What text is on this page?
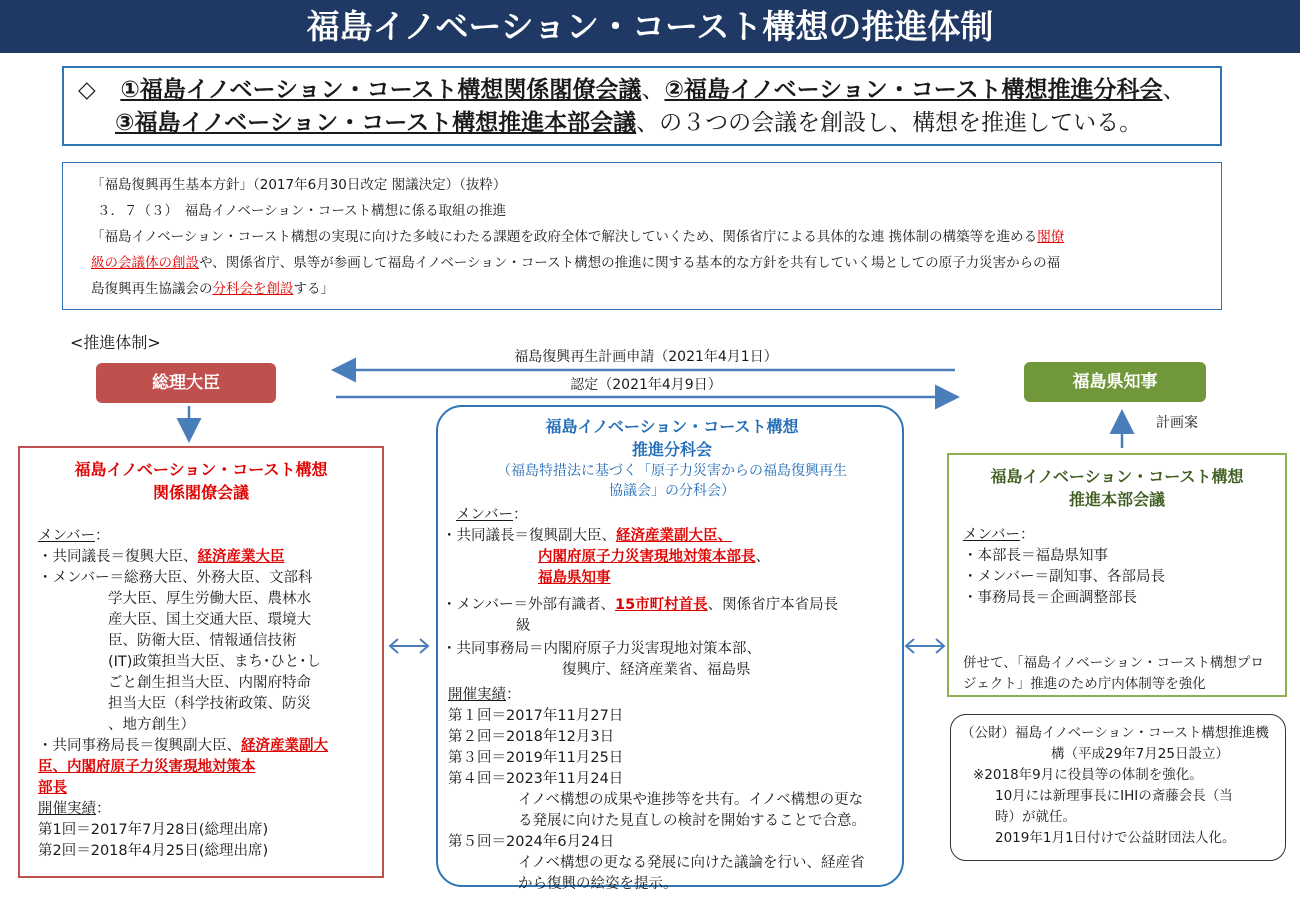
福島イノベーション・コースト構想の推進体制
◇ ①福島イノベーション・コースト構想関係閣僚会議、②福島イノベーション・コースト構想推進分科会、
③福島イノベーション・コースト構想推進本部会議、の３つの会議を創設し、構想を推進している。
「福島復興再生基本方針」（2017年6月30日改定 閣議決定）（抜粋）
３．７（３）　福島イノベーション・コースト構想に係る取組の推進
「福島イノベーション・コースト構想の実現に向けた多岐にわたる課題を政府全体で解決していくため、関係省庁による具体的な連 携体制の構築等を進める閣僚
級の会議体の創設や、関係省庁、県等が参画して福島イノベーション・コースト構想の推進に関する基本的な方針を共有していく場としての原子力災害からの福
島復興再生協議会の分科会を創設する」
<推進体制>
福島復興再生計画申請（2021年4月1日）
認定（2021年4月9日）
総理大臣	福島県知事
計画案
福島イノベーション・コースト構想
関係閣僚会議
メンバー：
・共同議長＝復興大臣、経済産業大臣
・メンバー＝総務大臣、外務大臣、文部科
学大臣、厚生労働大臣、農林水
産大臣、国土交通大臣、環境大
臣、防衛大臣、情報通信技術
(IT)政策担当大臣、まち･ひと･し
ごと創生担当大臣、内閣府特命
担当大臣（科学技術政策、防災
、地方創生）
・共同事務局長＝復興副大臣、経済産業副大
臣、内閣府原子力災害現地対策本
部長
開催実績：
第1回＝2017年7月28日(総理出席)
第2回＝2018年4月25日(総理出席)
福島イノベーション・コースト構想
推進分科会
（福島特措法に基づく「原子力災害からの福島復興再生
協議会」の分科会）
メンバー：
・共同議長＝復興副大臣、経済産業副大臣、
内閣府原子力災害現地対策本部長、
福島県知事
・メンバー＝外部有識者、15市町村首長、関係省庁本省局長
級
・共同事務局＝内閣府原子力災害現地対策本部、
復興庁、経済産業省、福島県
開催実績：
第１回＝2017年11月27日
第２回＝2018年12月3日
第３回＝2019年11月25日
第４回＝2023年11月24日
イノベ構想の成果や進捗等を共有。イノベ構想の更な
る発展に向けた見直しの検討を開始することで合意。
第５回＝2024年6月24日
イノベ構想の更なる発展に向けた議論を行い、経産省
から復興の絵姿を提示。
福島イノベーション・コースト構想
推進本部会議
メンバー：
・本部長＝福島県知事
・メンバー＝副知事、各部局長
・事務局長＝企画調整部長
併せて、「福島イノベーション・コースト構想プロ
ジェクト」推進のため庁内体制等を強化
（公財）福島イノベーション・コースト構想推進機
構（平成29年7月25日設立）
※2018年9月に役員等の体制を強化。
10月には新理事長にIHIの斎藤会長（当
時）が就任。
2019年1月1日付けで公益財団法人化。
